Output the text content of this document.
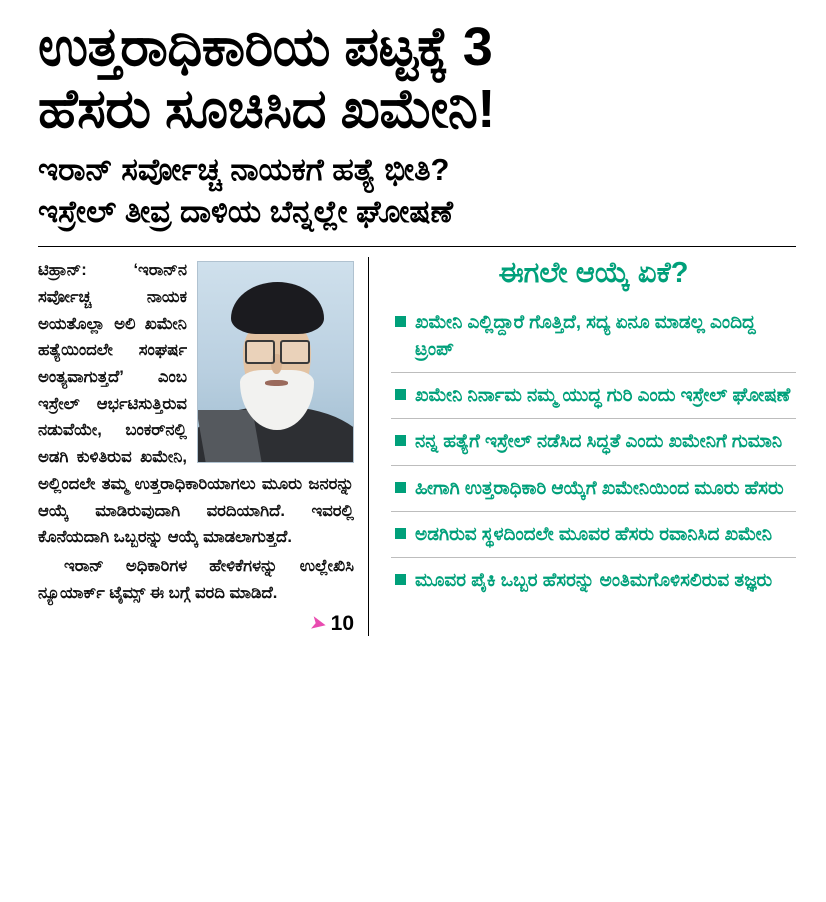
ಉತ್ತರಾಧಿಕಾರಿಯ ಪಟ್ಟಕ್ಕೆ 3
ಹೆಸರು ಸೂಚಿಸಿದ ಖಮೇನಿ!
ಇರಾನ್ ಸರ್ವೋಚ್ಚ ನಾಯಕಗೆ ಹತ್ಯೆ ಭೀತಿ?
ಇಸ್ರೇಲ್ ತೀವ್ರ ದಾಳಿಯ ಬೆನ್ನಲ್ಲೇ ಘೋಷಣೆ

ಟಿಹ್ರಾನ್: ‘ಇರಾನ್‌ನ ಸರ್ವೋಚ್ಚ ನಾಯಕ ಅಯತೊಲ್ಲಾ ಅಲಿ ಖಮೇನಿ ಹತ್ಯೆಯಿಂದಲೇ ಸಂಘರ್ಷ ಅಂತ್ಯವಾಗುತ್ತದೆ’ ಎಂಬ ಇಸ್ರೇಲ್ ಆರ್ಭಟಿಸುತ್ತಿರುವ ನಡುವೆಯೇ, ಬಂಕರ್‌ನಲ್ಲಿ ಅಡಗಿ ಕುಳಿತಿರುವ ಖಮೇನಿ, ಅಲ್ಲಿಂದಲೇ ತಮ್ಮ ಉತ್ತರಾಧಿಕಾರಿಯಾಗಲು ಮೂರು ಜನರನ್ನು ಆಯ್ಕೆ ಮಾಡಿರುವುದಾಗಿ ವರದಿಯಾಗಿದೆ. ಇವರಲ್ಲಿ ಕೊನೆಯದಾಗಿ ಒಬ್ಬರನ್ನು ಆಯ್ಕೆ ಮಾಡಲಾಗುತ್ತದೆ.

ಇರಾನ್ ಅಧಿಕಾರಿಗಳ ಹೇಳಿಕೆಗಳನ್ನು ಉಲ್ಲೇಖಿಸಿ ನ್ಯೂಯಾರ್ಕ್ ಟೈಮ್ಸ್ ಈ ಬಗ್ಗೆ ವರದಿ ಮಾಡಿದೆ.

➤ 10
ಈಗಲೇ ಆಯ್ಕೆ ಏಕೆ?
ಖಮೇನಿ ಎಲ್ಲಿದ್ದಾರೆ ಗೊತ್ತಿದೆ, ಸದ್ಯ ಏನೂ ಮಾಡಲ್ಲ ಎಂದಿದ್ದ ಟ್ರಂಪ್
ಖಮೇನಿ ನಿರ್ನಾಮ ನಮ್ಮ ಯುದ್ಧ ಗುರಿ ಎಂದು ಇಸ್ರೇಲ್ ಘೋಷಣೆ
ನನ್ನ ಹತ್ಯೆಗೆ ಇಸ್ರೇಲ್ ನಡೆಸಿದ ಸಿದ್ಧತೆ ಎಂದು ಖಮೇನಿಗೆ ಗುಮಾನಿ
ಹೀಗಾಗಿ ಉತ್ತರಾಧಿಕಾರಿ ಆಯ್ಕೆಗೆ ಖಮೇನಿಯಿಂದ ಮೂರು ಹೆಸರು
ಅಡಗಿರುವ ಸ್ಥಳದಿಂದಲೇ ಮೂವರ ಹೆಸರು ರವಾನಿಸಿದ ಖಮೇನಿ
ಮೂವರ ಪೈಕಿ ಒಬ್ಬರ ಹೆಸರನ್ನು ಅಂತಿಮಗೊಳಿಸಲಿರುವ ತಜ್ಞರು
